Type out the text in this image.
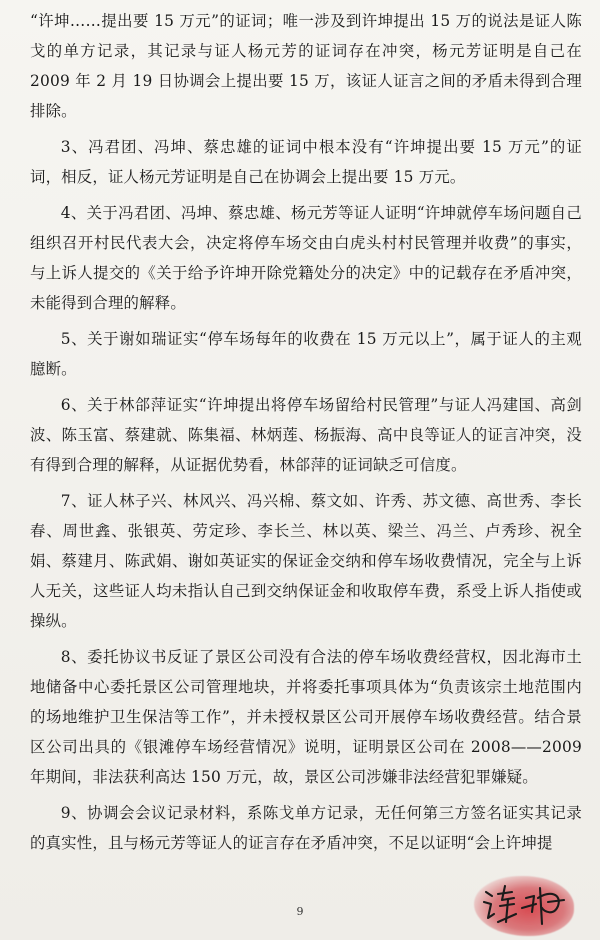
“许坤……提出要 15 万元”的证词；唯一涉及到许坤提出 15 万的说法是证人陈戈的单方记录，其记录与证人杨元芳的证词存在冲突，杨元芳证明是自己在 2009 年 2 月 19 日协调会上提出要 15 万，该证人证言之间的矛盾未得到合理排除。

3、冯君团、冯坤、蔡忠雄的证词中根本没有“许坤提出要 15 万元”的证词，相反，证人杨元芳证明是自己在协调会上提出要 15 万元。

4、关于冯君团、冯坤、蔡忠雄、杨元芳等证人证明“许坤就停车场问题自己组织召开村民代表大会，决定将停车场交由白虎头村村民管理并收费”的事实，与上诉人提交的《关于给予许坤开除党籍处分的决定》中的记载存在矛盾冲突，未能得到合理的解释。

5、关于谢如瑞证实“停车场每年的收费在 15 万元以上”，属于证人的主观臆断。

6、关于林郃萍证实“许坤提出将停车场留给村民管理”与证人冯建国、高剑波、陈玉富、蔡建就、陈集福、林炳莲、杨振海、高中良等证人的证言冲突，没有得到合理的解释，从证据优势看，林郃萍的证词缺乏可信度。

7、证人林子兴、林风兴、冯兴棉、蔡文如、许秀、苏文德、高世秀、李长春、周世錱、张银英、劳定珍、李长兰、林以英、梁兰、冯兰、卢秀珍、祝全娟、蔡建月、陈武娟、谢如英证实的保证金交纳和停车场收费情况，完全与上诉人无关，这些证人均未指认自己到交纳保证金和收取停车费，系受上诉人指使或操纵。

8、委托协议书反证了景区公司没有合法的停车场收费经营权，因北海市土地储备中心委托景区公司管理地块，并将委托事项具体为“负责该宗土地范围内的场地维护卫生保洁等工作”，并未授权景区公司开展停车场收费经营。结合景区公司出具的《银滩停车场经营情况》说明，证明景区公司在 2008——2009 年期间，非法获利高达 150 万元，故，景区公司涉嫌非法经营犯罪嫌疑。

9、协调会会议记录材料，系陈戈单方记录，无任何第三方签名证实其记录的真实性，且与杨元芳等证人的证言存在矛盾冲突，不足以证明“会上许坤提

9
